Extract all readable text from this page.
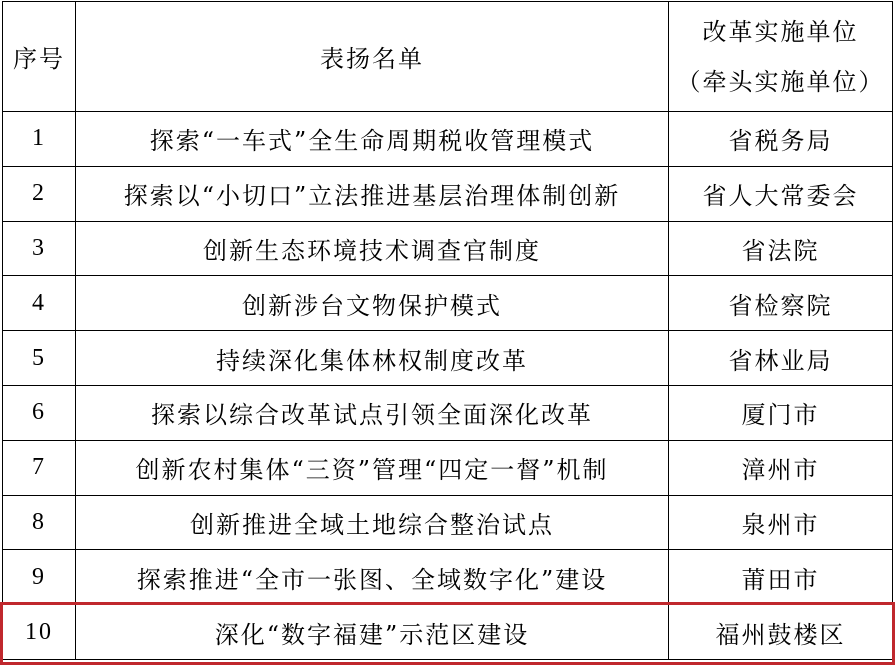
序号	表扬名单	改革实施单位
（牵头实施单位）

1	探索“一车式”全生命周期税收管理模式	省税务局
2	探索以“小切口”立法推进基层治理体制创新	省人大常委会
3	创新生态环境技术调查官制度	省法院
4	创新涉台文物保护模式	省检察院
5	持续深化集体林权制度改革	省林业局
6	探索以综合改革试点引领全面深化改革	厦门市
7	创新农村集体“三资”管理“四定一督”机制	漳州市
8	创新推进全域土地综合整治试点	泉州市
9	探索推进“全市一张图、全域数字化”建设	莆田市
10	深化“数字福建”示范区建设	福州鼓楼区
